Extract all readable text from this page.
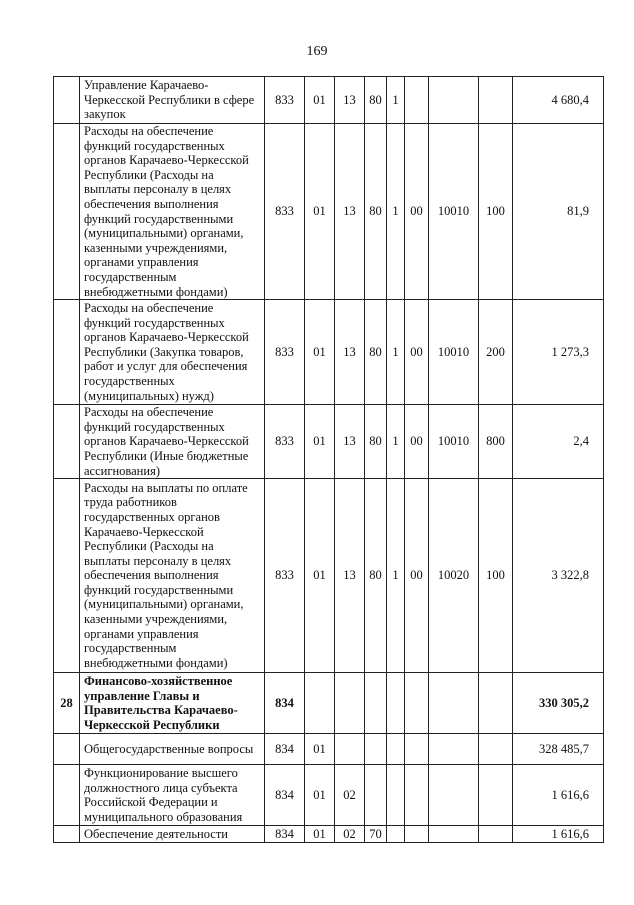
169
	Управление Карачаево-Черкесской Республики в сфере закупок	833	01	13	80	1				4 680,4
	Расходы на обеспечение функций государственных органов Карачаево-Черкесской Республики (Расходы на выплаты персоналу в целях обеспечения выполнения функций государственными (муниципальными) органами, казенными учреждениями, органами управления государственным внебюджетными фондами)	833	01	13	80	1	00	10010	100	81,9
	Расходы на обеспечение функций государственных органов Карачаево-Черкесской Республики (Закупка товаров, работ и услуг для обеспечения государственных (муниципальных) нужд)	833	01	13	80	1	00	10010	200	1 273,3
	Расходы на обеспечение функций государственных органов Карачаево-Черкесской Республики (Иные бюджетные ассигнования)	833	01	13	80	1	00	10010	800	2,4
	Расходы на выплаты по оплате труда работников государственных органов Карачаево-Черкесской Республики (Расходы на выплаты персоналу в целях обеспечения выполнения функций государственными (муниципальными) органами, казенными учреждениями, органами управления государственным внебюджетными фондами)	833	01	13	80	1	00	10020	100	3 322,8
28	Финансово-хозяйственное управление Главы и Правительства Карачаево-Черкесской Республики	834								330 305,2
	Общегосударственные вопросы	834	01							328 485,7
	Функционирование высшего должностного лица субъекта Российской Федерации и муниципального образования	834	01	02						1 616,6
	Обеспечение деятельности	834	01	02	70					1 616,6
